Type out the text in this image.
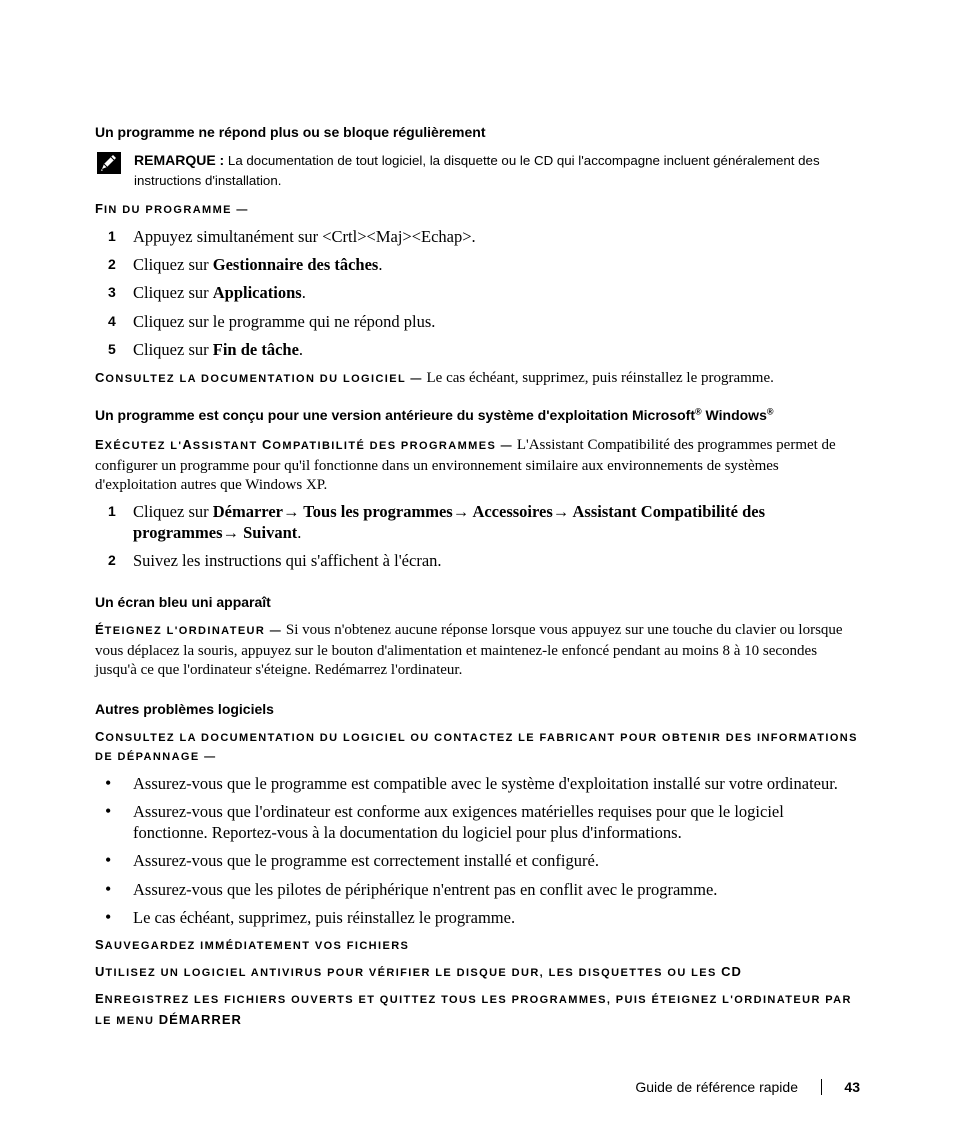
Un programme ne répond plus ou se bloque régulièrement
REMARQUE : La documentation de tout logiciel, la disquette ou le CD qui l'accompagne incluent généralement des instructions d'installation.
FIN DU PROGRAMME —
1 Appuyez simultanément sur <Crtl><Maj><Echap>.
2 Cliquez sur Gestionnaire des tâches.
3 Cliquez sur Applications.
4 Cliquez sur le programme qui ne répond plus.
5 Cliquez sur Fin de tâche.
CONSULTEZ LA DOCUMENTATION DU LOGICIEL — Le cas échéant, supprimez, puis réinstallez le programme.
Un programme est conçu pour une version antérieure du système d'exploitation Microsoft® Windows®
EXÉCUTEZ L'ASSISTANT COMPATIBILITÉ DES PROGRAMMES — L'Assistant Compatibilité des programmes permet de configurer un programme pour qu'il fonctionne dans un environnement similaire aux environnements de systèmes d'exploitation autres que Windows XP.
1 Cliquez sur Démarrer→ Tous les programmes→ Accessoires→ Assistant Compatibilité des programmes→ Suivant.
2 Suivez les instructions qui s'affichent à l'écran.
Un écran bleu uni apparaît
ÉTEIGNEZ L'ORDINATEUR — Si vous n'obtenez aucune réponse lorsque vous appuyez sur une touche du clavier ou lorsque vous déplacez la souris, appuyez sur le bouton d'alimentation et maintenez-le enfoncé pendant au moins 8 à 10 secondes jusqu'à ce que l'ordinateur s'éteigne. Redémarrez l'ordinateur.
Autres problèmes logiciels
CONSULTEZ LA DOCUMENTATION DU LOGICIEL OU CONTACTEZ LE FABRICANT POUR OBTENIR DES INFORMATIONS DE DÉPANNAGE —
• Assurez-vous que le programme est compatible avec le système d'exploitation installé sur votre ordinateur.
• Assurez-vous que l'ordinateur est conforme aux exigences matérielles requises pour que le logiciel fonctionne. Reportez-vous à la documentation du logiciel pour plus d'informations.
• Assurez-vous que le programme est correctement installé et configuré.
• Assurez-vous que les pilotes de périphérique n'entrent pas en conflit avec le programme.
• Le cas échéant, supprimez, puis réinstallez le programme.
SAUVEGARDEZ IMMÉDIATEMENT VOS FICHIERS
UTILISEZ UN LOGICIEL ANTIVIRUS POUR VÉRIFIER LE DISQUE DUR, LES DISQUETTES OU LES CD
ENREGISTREZ LES FICHIERS OUVERTS ET QUITTEZ TOUS LES PROGRAMMES, PUIS ÉTEIGNEZ L'ORDINATEUR PAR LE MENU DÉMARRER
Guide de référence rapide	43
